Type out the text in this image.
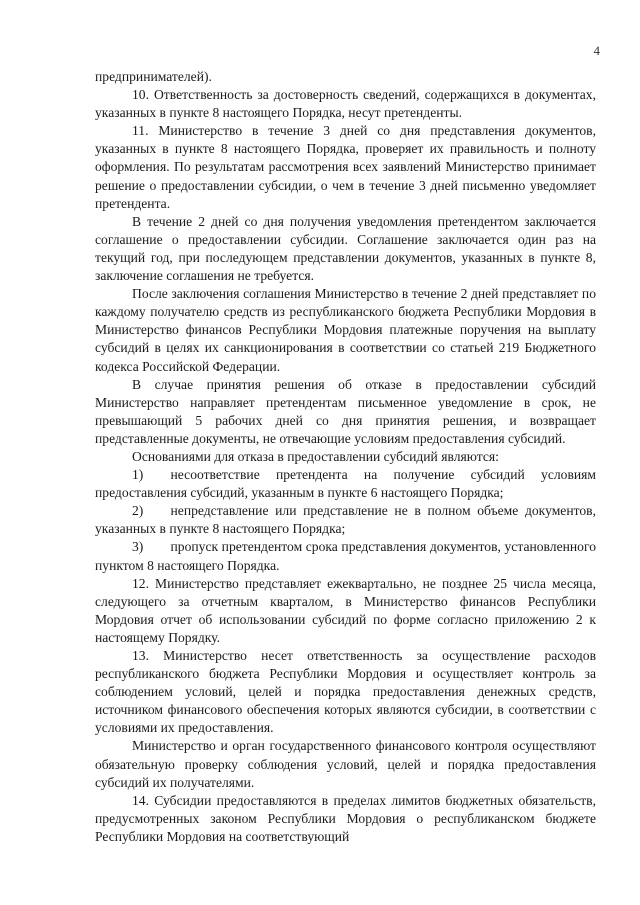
4

предпринимателей).

10. Ответственность за достоверность сведений, содержащихся в документах, указанных в пункте 8 настоящего Порядка, несут претенденты.

11. Министерство в течение 3 дней со дня представления документов, указанных в пункте 8 настоящего Порядка, проверяет их правильность и полноту оформления. По результатам рассмотрения всех заявлений Министерство принимает решение о предоставлении субсидии, о чем в течение 3 дней письменно уведомляет претендента.

В течение 2 дней со дня получения уведомления претендентом заключается соглашение о предоставлении субсидии. Соглашение заключается один раз на текущий год, при последующем представлении документов, указанных в пункте 8, заключение соглашения не требуется.

После заключения соглашения Министерство в течение 2 дней представляет по каждому получателю средств из республиканского бюджета Республики Мордовия в Министерство финансов Республики Мордовия платежные поручения на выплату субсидий в целях их санкционирования в соответствии со статьей 219 Бюджетного кодекса Российской Федерации.

В случае принятия решения об отказе в предоставлении субсидий Министерство направляет претендентам письменное уведомление в срок, не превышающий 5 рабочих дней со дня принятия решения, и возвращает представленные документы, не отвечающие условиям предоставления субсидий.

Основаниями для отказа в предоставлении субсидий являются:

1)  несоответствие претендента на получение субсидий условиям предоставления субсидий, указанным в пункте 6 настоящего Порядка;

2)  непредставление или представление не в полном объеме документов, указанных в пункте 8 настоящего Порядка;

3)  пропуск претендентом срока представления документов, установленного пунктом 8 настоящего Порядка.

12. Министерство представляет ежеквартально, не позднее 25 числа месяца, следующего за отчетным кварталом, в Министерство финансов Республики Мордовия отчет об использовании субсидий по форме согласно приложению 2 к настоящему Порядку.

13. Министерство несет ответственность за осуществление расходов республиканского бюджета Республики Мордовия и осуществляет контроль за соблюдением условий, целей и порядка предоставления денежных средств, источником финансового обеспечения которых являются субсидии, в соответствии с условиями их предоставления.

Министерство и орган государственного финансового контроля осуществляют обязательную проверку соблюдения условий, целей и порядка предоставления субсидий их получателями.

14. Субсидии предоставляются в пределах лимитов бюджетных обязательств, предусмотренных законом Республики Мордовия о республиканском бюджете Республики Мордовия на соответствующий
